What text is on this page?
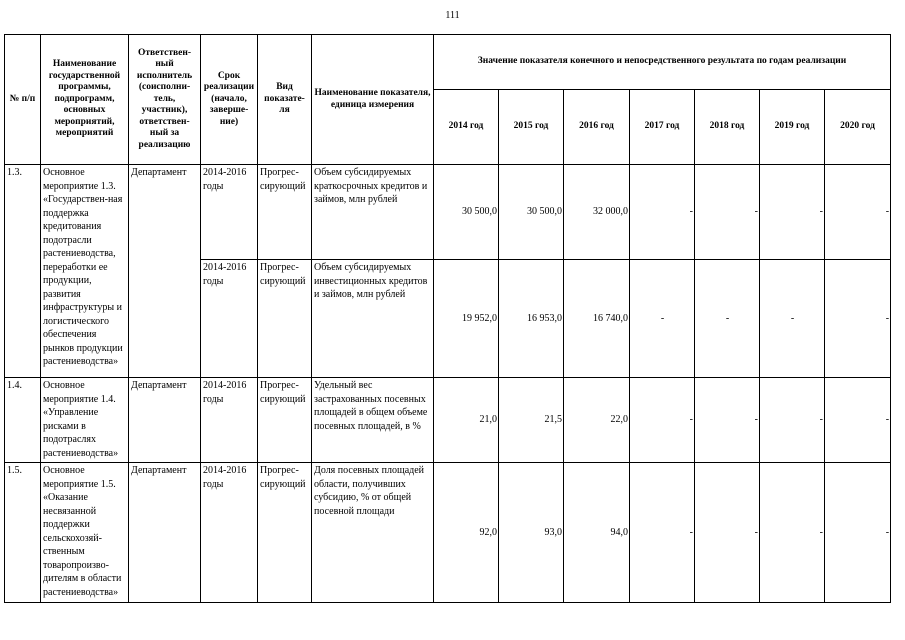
111
№ п/п	Наименование государственной программы, подпрограмм, основных мероприятий, мероприятий	Ответствен-ный исполнитель (соисполни-тель, участник), ответствен-ный за реализацию	Срок реализации (начало, заверше-ние)	Вид показате-ля	Наименование показателя, единица измерения	Значение показателя конечного и непосредственного результата по годам реализации						
						2014 год	2015 год	2016 год	2017 год	2018 год	2019 год	2020 год
1.3.	Основное мероприятие 1.3. «Государствен-ная поддержка кредитования подотрасли растениеводства, переработки ее продукции, развития инфраструктуры и логистического обеспечения рынков продукции растениеводства»	Департамент	2014-2016 годы	Прогрес-сирующий	Объем субсидируемых краткосрочных кредитов и займов, млн рублей	30 500,0	30 500,0	32 000,0	-	-	-	-
			2014-2016 годы	Прогрес-сирующий	Объем субсидируемых инвестиционных кредитов и займов, млн рублей	19 952,0	16 953,0	16 740,0	-	-	-	-
1.4.	Основное мероприятие 1.4. «Управление рисками в подотраслях растениеводства»	Департамент	2014-2016 годы	Прогрес-сирующий	Удельный вес застрахованных посевных площадей в общем объеме посевных площадей, в %	21,0	21,5	22,0	-	-	-	-
1.5.	Основное мероприятие 1.5. «Оказание несвязанной поддержки сельскохозяй-ственным товаропроизво-дителям в области растениеводства»	Департамент	2014-2016 годы	Прогрес-сирующий	Доля посевных площадей области, получивших субсидию, % от общей посевной площади	92,0	93,0	94,0	-	-	-	-
